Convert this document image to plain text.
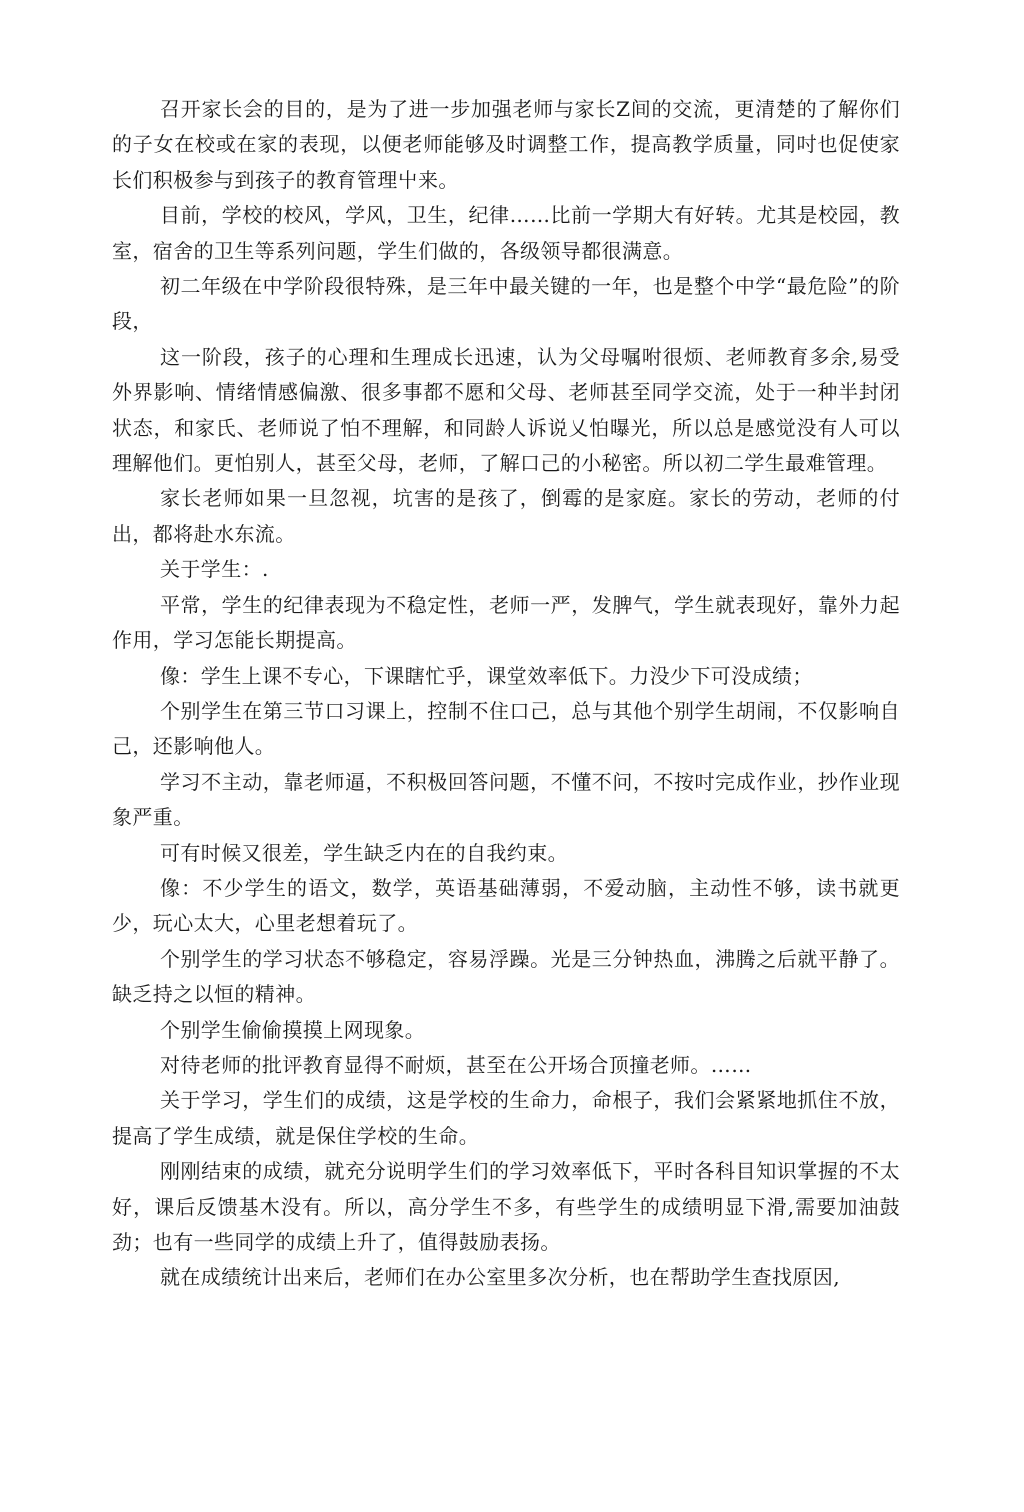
召开家长会的目的，是为了进一步加强老师与家长Z间的交流，更清楚的了解你们的子女在校或在家的表现，以便老师能够及时调整工作，提高教学质量，同吋也促使家长们积极参与到孩子的教育管理屮来。

目前，学校的校风，学风，卫生，纪律……比前一学期大有好转。尤其是校园，教室，宿舍的卫生等系列问题，学生们做的，各级领导都很满意。

初二年级在中学阶段很特殊，是三年中最关键的一年，也是整个中学“最危险”的阶段，

这一阶段，孩子的心理和生理成长迅速，认为父母嘱咐很烦、老师教育多余,易受外界影响、情绪情感偏激、很多事都不愿和父母、老师甚至同学交流，处于一种半封闭状态，和家氏、老师说了怕不理解，和同龄人诉说乂怕曝光，所以总是感觉没有人可以理解他们。更怕别人，甚至父母，老师，了解口己的小秘密。所以初二学生最难管理。

家长老师如果一旦忽视，坑害的是孩了，倒霉的是家庭。家长的劳动，老师的付出，都将赴水东流。

关于学生：.

平常，学生的纪律表现为不稳定性，老师一严，发脾气，学生就表现好，靠外力起作用，学习怎能长期提高。

像：学生上课不专心，下课瞎忙乎，课堂效率低下。力没少下可没成绩；

个别学生在第三节口习课上，控制不住口己，总与其他个别学生胡闹，不仅影响自己，还影响他人。

学习不主动，靠老师逼，不积极回答问题，不懂不问，不按吋完成作业，抄作业现象严重。

可有时候又很差，学生缺乏内在的自我约束。

像：不少学生的语文，数学，英语基础薄弱，不爱动脑，主动性不够，读书就更少，玩心太大，心里老想着玩了。

个别学生的学习状态不够稳定，容易浮躁。光是三分钟热血，沸腾之后就平静了。缺乏持之以恒的精神。

个别学生偷偷摸摸上网现象。

对待老师的批评教育显得不耐烦，甚至在公开场合顶撞老师。……

关于学习，学生们的成绩，这是学校的生命力，命根子，我们会紧紧地抓住不放，提高了学生成绩，就是保住学校的生命。

刚刚结束的成绩，就充分说明学生们的学习效率低下，平时各科目知识掌握的不太好，课后反馈基木没有。所以，高分学生不多，有些学生的成绩明显下滑,需要加油鼓劲；也有一些同学的成绩上升了，值得鼓励表扬。

就在成绩统计出来后，老师们在办公室里多次分析，也在帮助学生查找原因,
